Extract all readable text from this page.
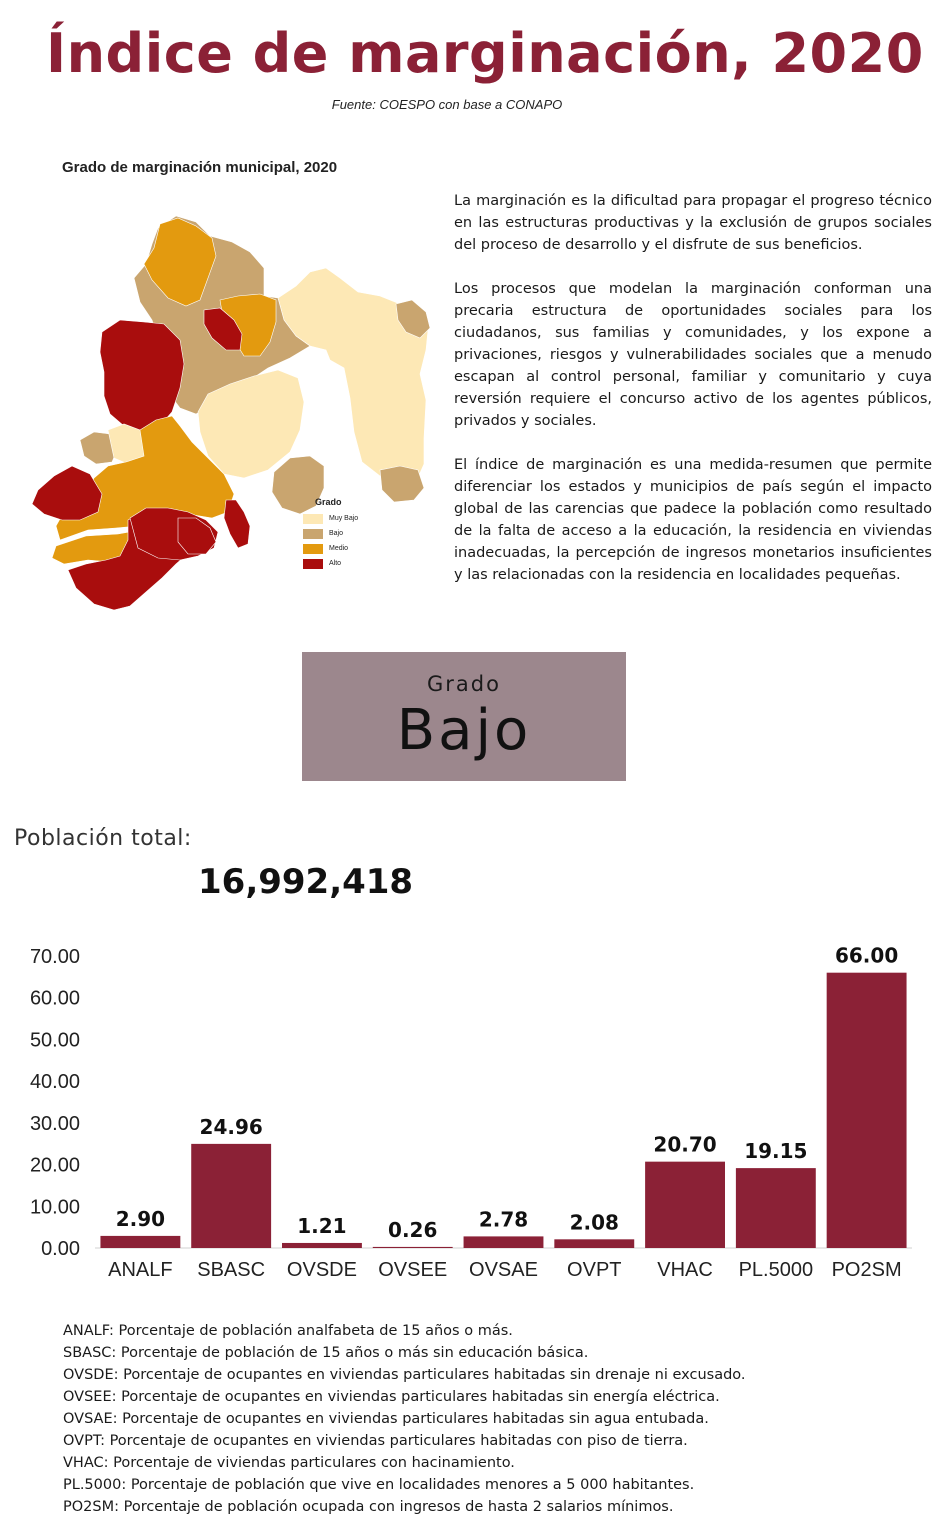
Índice de marginación, 2020
Fuente: COESPO con base a CONAPO
Grado de marginación municipal, 2020
Grado
Muy Bajo
Bajo
Medio
Alto

La marginación es la dificultad para propagar el progreso técnico en las estructuras productivas y la exclusión de grupos sociales del proceso de desarrollo y el disfrute de sus beneficios.

Los procesos que modelan la marginación conforman una precaria estructura de oportunidades sociales para los ciudadanos, sus familias y comunidades, y los expone a privaciones, riesgos y vulnerabilidades sociales que a menudo escapan al control personal, familiar y comunitario y cuya reversión requiere el concurso activo de los agentes públicos, privados y sociales.

El índice de marginación es una medida-resumen que permite diferenciar los estados y municipios de país según el impacto global de las carencias que padece la población como resultado de la falta de acceso a la educación, la residencia en viviendas inadecuadas, la percepción de ingresos monetarios insuficientes y las relacionadas con la residencia en localidades pequeñas.

Grado
Bajo
Población total:
16,992,418
0.00
10.00
20.00
30.00
40.00
50.00
60.00
70.00
2.90
ANALF
24.96
SBASC
1.21
OVSDE
0.26
OVSEE
2.78
OVSAE
2.08
OVPT
20.70
VHAC
19.15
PL.5000
66.00
PO2SM
ANALF: Porcentaje de población analfabeta de 15 años o más.
SBASC: Porcentaje de población de 15 años o más sin educación básica.
OVSDE: Porcentaje de ocupantes en viviendas particulares habitadas sin drenaje ni excusado.
OVSEE: Porcentaje de ocupantes en viviendas particulares habitadas sin energía eléctrica.
OVSAE: Porcentaje de ocupantes en viviendas particulares habitadas sin agua entubada.
OVPT: Porcentaje de ocupantes en viviendas particulares habitadas con piso de tierra.
VHAC: Porcentaje de viviendas particulares con hacinamiento.
PL.5000: Porcentaje de población que vive en localidades menores a 5 000 habitantes.
PO2SM: Porcentaje de población ocupada con ingresos de hasta 2 salarios mínimos.
